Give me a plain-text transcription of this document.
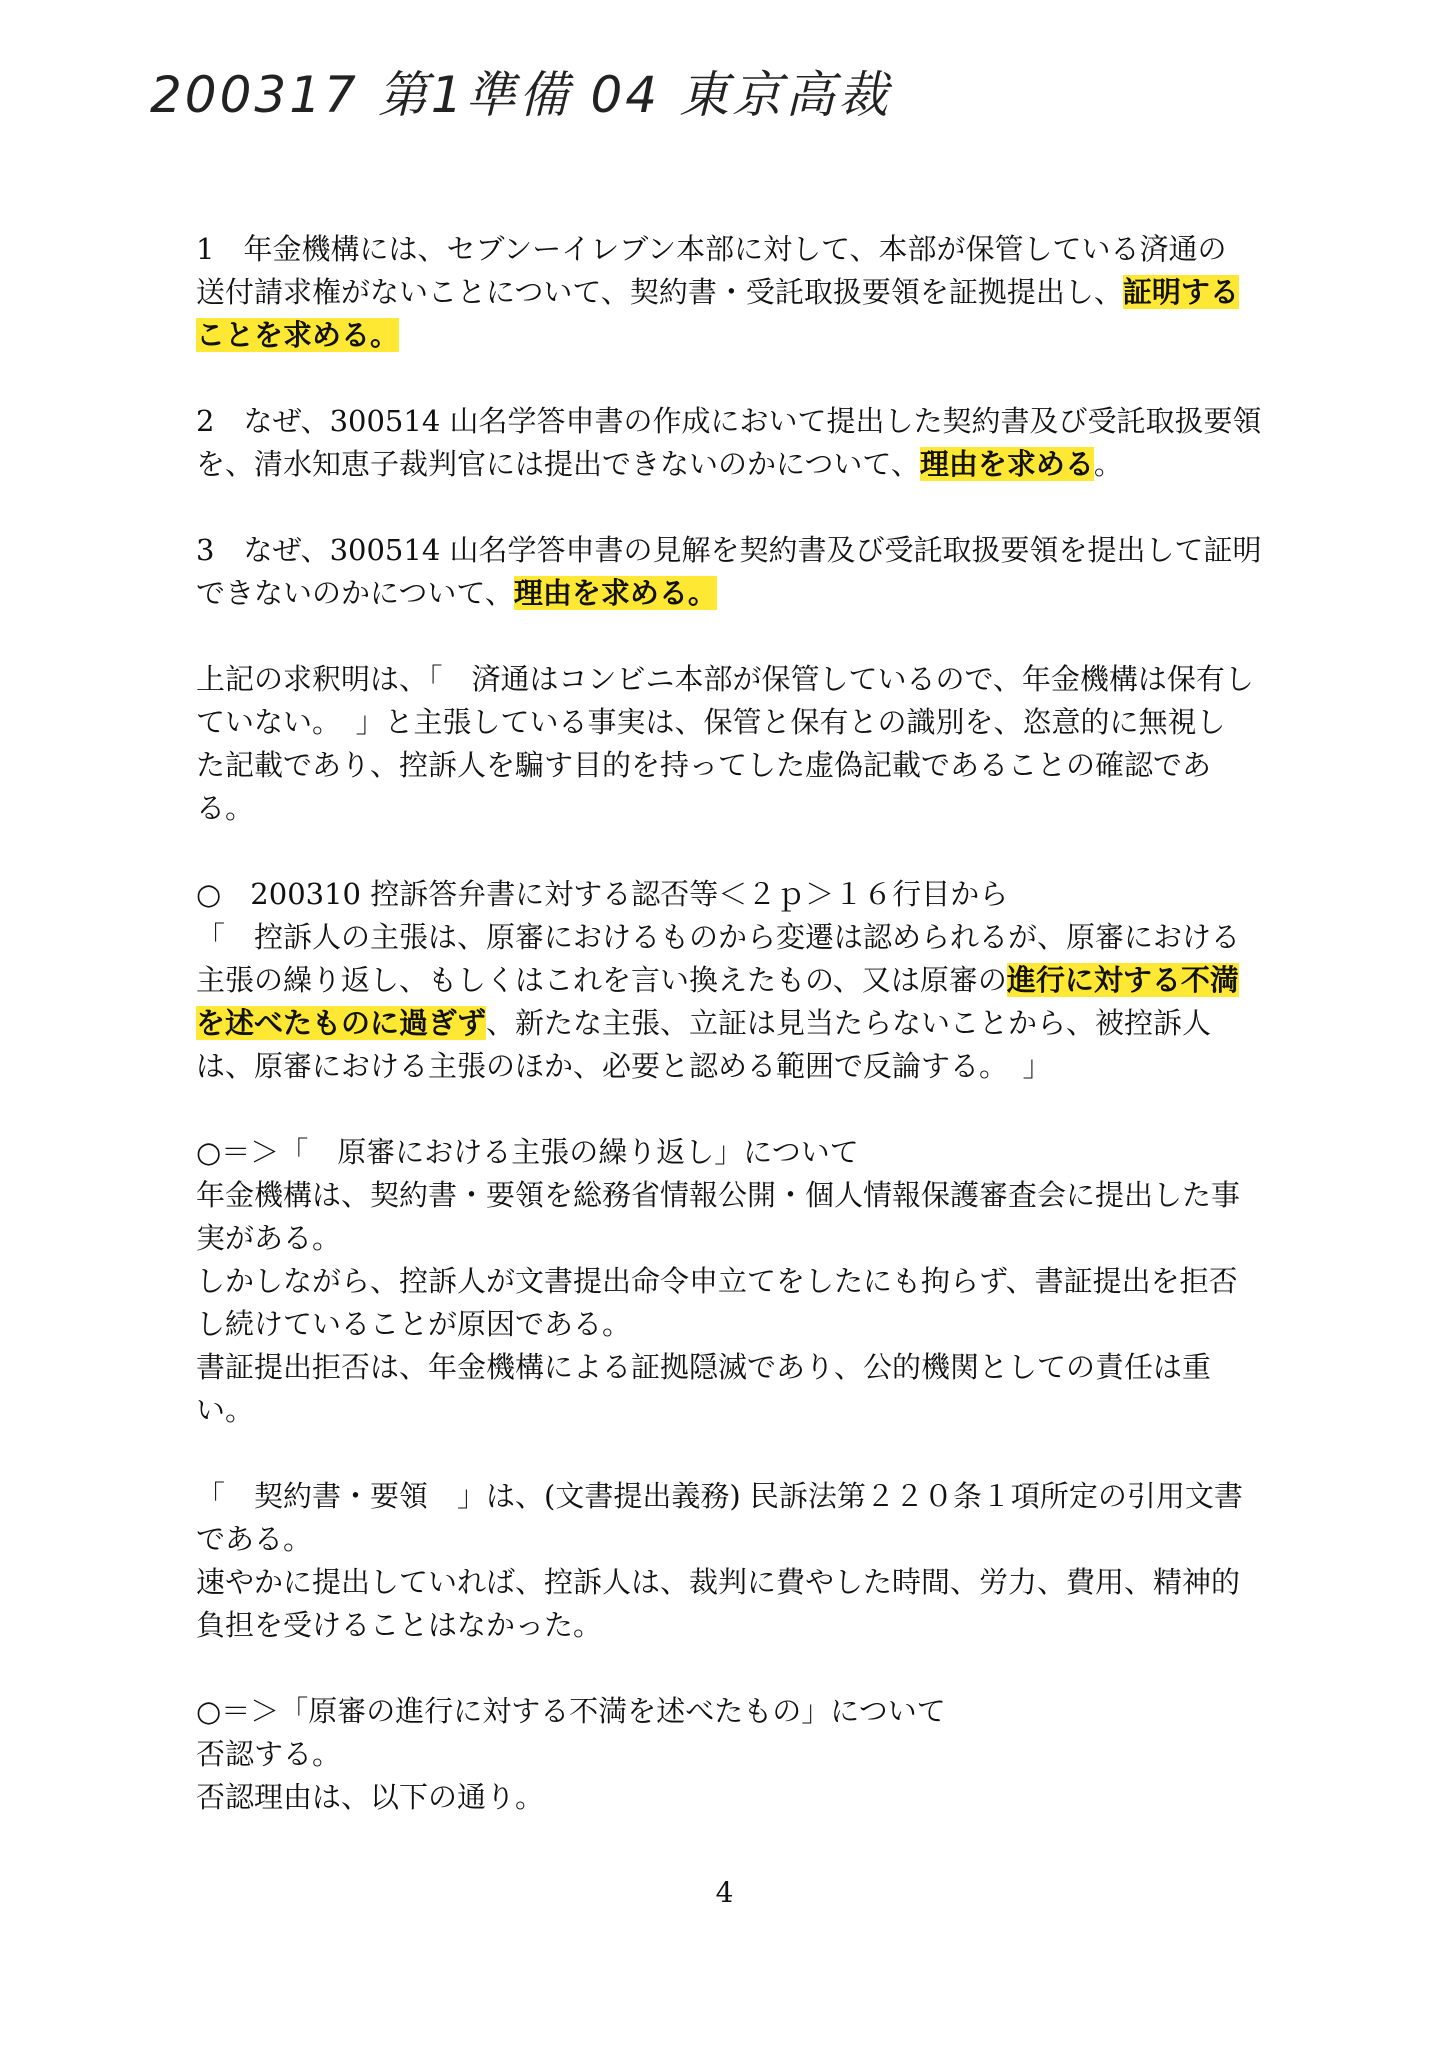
200317 第1準備 04 東京高裁
1　年金機構には、セブンーイレブン本部に対して、本部が保管している済通の
送付請求権がないことについて、契約書・受託取扱要領を証拠提出し、証明する
ことを求める。
2　なぜ、300514 山名学答申書の作成において提出した契約書及び受託取扱要領
を、清水知恵子裁判官には提出できないのかについて、理由を求める。
3　なぜ、300514 山名学答申書の見解を契約書及び受託取扱要領を提出して証明
できないのかについて、理由を求める。
上記の求釈明は、「　済通はコンビニ本部が保管しているので、年金機構は保有し
ていない。　」と主張している事実は、保管と保有との識別を、恣意的に無視し
た記載であり、控訴人を騙す目的を持ってした虚偽記載であることの確認であ
る。
○　200310 控訴答弁書に対する認否等＜２ｐ＞１６行目から
「　控訴人の主張は、原審におけるものから変遷は認められるが、原審における
主張の繰り返し、もしくはこれを言い換えたもの、又は原審の進行に対する不満
を述べたものに過ぎず、新たな主張、立証は見当たらないことから、被控訴人
は、原審における主張のほか、必要と認める範囲で反論する。　」
○＝＞「　原審における主張の繰り返し」について
年金機構は、契約書・要領を総務省情報公開・個人情報保護審査会に提出した事
実がある。
しかしながら、控訴人が文書提出命令申立てをしたにも拘らず、書証提出を拒否
し続けていることが原因である。
書証提出拒否は、年金機構による証拠隠滅であり、公的機関としての責任は重
い。
「　契約書・要領　」は、(文書提出義務) 民訴法第２２０条１項所定の引用文書
である。
速やかに提出していれば、控訴人は、裁判に費やした時間、労力、費用、精神的
負担を受けることはなかった。
○＝＞「原審の進行に対する不満を述べたもの」について
否認する。
否認理由は、以下の通り。
4
